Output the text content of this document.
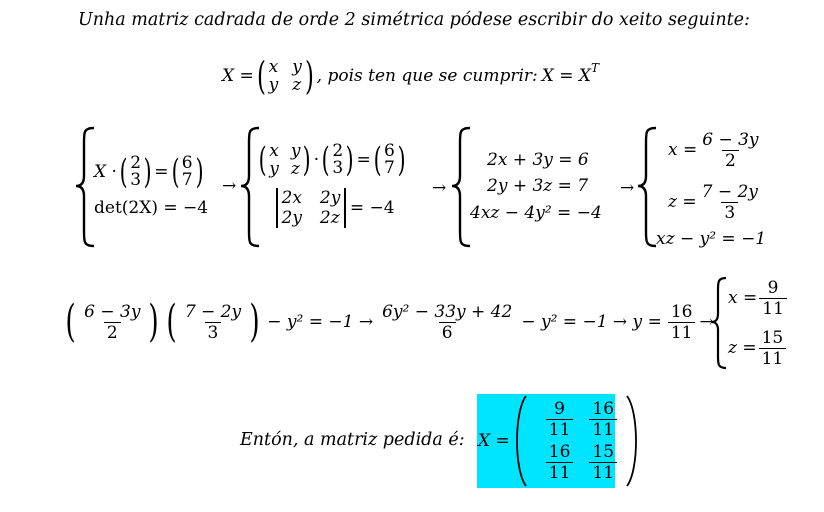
Unha matriz cadrada de orde 2 simétrica pódese escribir do xeito seguinte:
X = ( x y
y z ) , pois ten que se cumprir: $X = X^T$
X · ( 2
3 ) = ( 6
7 )
det(2X) = −4
→
( x y
y z ) · ( 2
3 ) = ( 6
7 )
2x 2y
2y 2z = −4
→
2x + 3y = 6
2y + 3z = 7
4xz − 4y² = −4
→
$x = \frac{6 - 3y}{2}$
$z = \frac{7 - 2y}{3}$
xz − y² = −1
( $\frac{6 - 3y}{2}$ ) ( $\frac{7 - 2y}{3}$ ) − $y^2 = -1 \to \frac{\text{6y² − 33y + 42}}{6} - y^2 = -1 \to y = \frac{16}{11}$ →
$x = \frac{9}{11}$
$z = \frac{15}{11}$
Entón, a matriz pedida é: X =
$\frac{9}{11} \frac{16}{11}$
$\frac{16}{11} \frac{15}{11}$
